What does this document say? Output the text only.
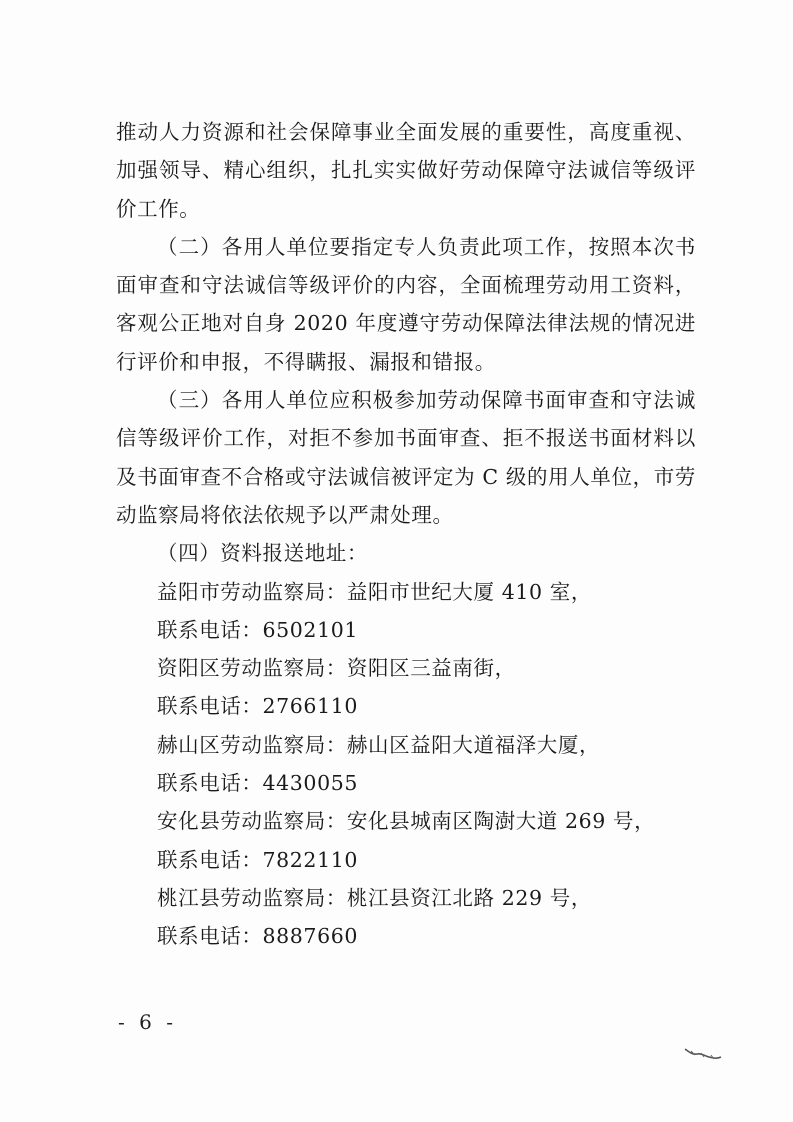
推动人力资源和社会保障事业全面发展的重要性，高度重视、加强领导、精心组织，扎扎实实做好劳动保障守法诚信等级评价工作。

（二）各用人单位要指定专人负责此项工作，按照本次书面审查和守法诚信等级评价的内容，全面梳理劳动用工资料，客观公正地对自身 2020 年度遵守劳动保障法律法规的情况进行评价和申报，不得瞒报、漏报和错报。

（三）各用人单位应积极参加劳动保障书面审查和守法诚信等级评价工作，对拒不参加书面审查、拒不报送书面材料以及书面审查不合格或守法诚信被评定为 C 级的用人单位，市劳动监察局将依法依规予以严肃处理。

（四）资料报送地址：

益阳市劳动监察局：益阳市世纪大厦 410 室，

联系电话：6502101

资阳区劳动监察局：资阳区三益南街，

联系电话：2766110

赫山区劳动监察局：赫山区益阳大道福泽大厦，

联系电话：4430055

安化县劳动监察局：安化县城南区陶澍大道 269 号，

联系电话：7822110

桃江县劳动监察局：桃江县资江北路 229 号，

联系电话：8887660

- 6 -
